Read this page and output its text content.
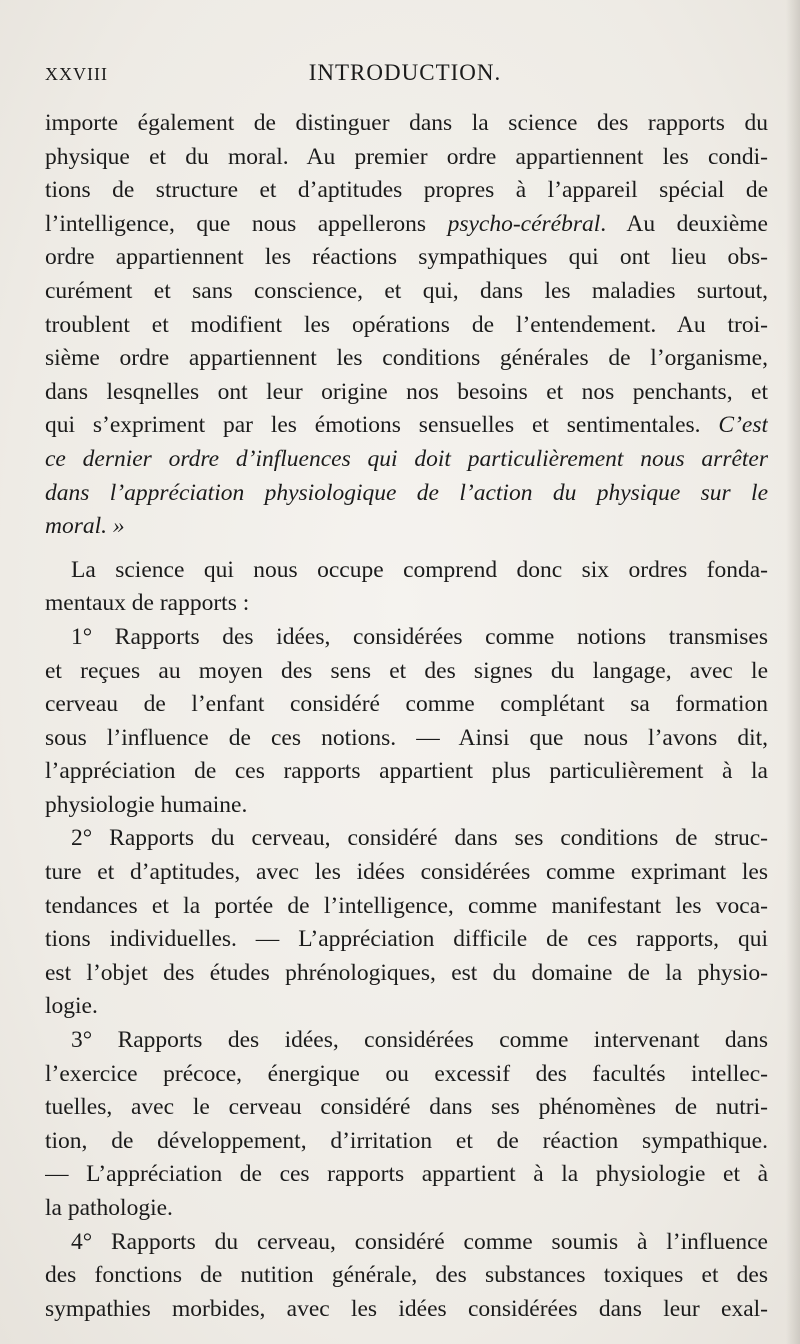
XXVIII	INTRODUCTION.
importe également de distinguer dans la science des rapports du
physique et du moral. Au premier ordre appartiennent les condi-
tions de structure et d’aptitudes propres à l’appareil spécial de
l’intelligence, que nous appellerons psycho-cérébral. Au deuxième
ordre appartiennent les réactions sympathiques qui ont lieu obs-
curément et sans conscience, et qui, dans les maladies surtout,
troublent et modifient les opérations de l’entendement. Au troi-
sième ordre appartiennent les conditions générales de l’organisme,
dans lesqnelles ont leur origine nos besoins et nos penchants, et
qui s’expriment par les émotions sensuelles et sentimentales. C’est
ce dernier ordre d’influences qui doit particulièrement nous arrêter
dans l’appréciation physiologique de l’action du physique sur le
moral. »
La science qui nous occupe comprend donc six ordres fonda-
mentaux de rapports :
1° Rapports des idées, considérées comme notions transmises
et reçues au moyen des sens et des signes du langage, avec le
cerveau de l’enfant considéré comme complétant sa formation
sous l’influence de ces notions. — Ainsi que nous l’avons dit,
l’appréciation de ces rapports appartient plus particulièrement à la
physiologie humaine.
2° Rapports du cerveau, considéré dans ses conditions de struc-
ture et d’aptitudes, avec les idées considérées comme exprimant les
tendances et la portée de l’intelligence, comme manifestant les voca-
tions individuelles. — L’appréciation difficile de ces rapports, qui
est l’objet des études phrénologiques, est du domaine de la physio-
logie.
3° Rapports des idées, considérées comme intervenant dans
l’exercice précoce, énergique ou excessif des facultés intellec-
tuelles, avec le cerveau considéré dans ses phénomènes de nutri-
tion, de développement, d’irritation et de réaction sympathique.
— L’appréciation de ces rapports appartient à la physiologie et à
la pathologie.
4° Rapports du cerveau, considéré comme soumis à l’influence
des fonctions de nutition générale, des substances toxiques et des
sympathies morbides, avec les idées considérées dans leur exal-
